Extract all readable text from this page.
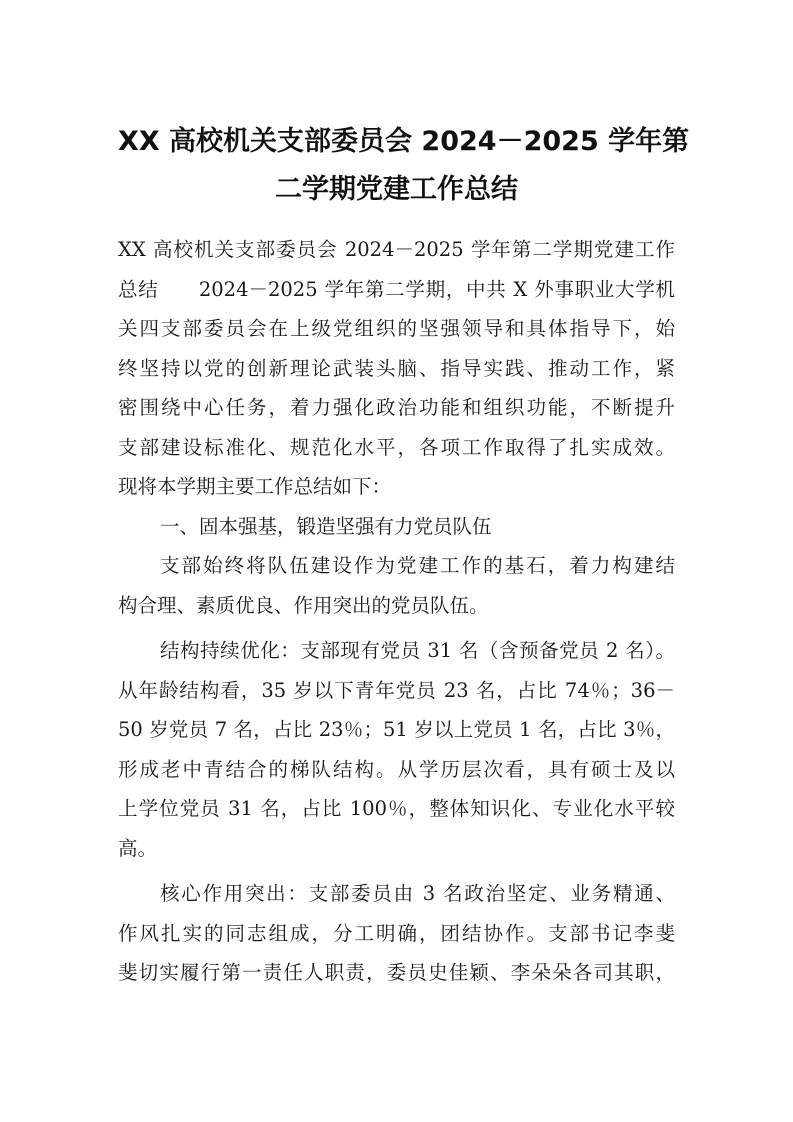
XX 高校机关支部委员会 2024－2025 学年第
二学期党建工作总结
XX 高校机关支部委员会 2024－2025 学年第二学期党建工作
总结　　2024－2025 学年第二学期，中共 X 外事职业大学机
关四支部委员会在上级党组织的坚强领导和具体指导下，始
终坚持以党的创新理论武装头脑、指导实践、推动工作，紧
密围绕中心任务，着力强化政治功能和组织功能，不断提升
支部建设标准化、规范化水平，各项工作取得了扎实成效。
现将本学期主要工作总结如下：
一、固本强基，锻造坚强有力党员队伍
支部始终将队伍建设作为党建工作的基石，着力构建结
构合理、素质优良、作用突出的党员队伍。
结构持续优化：支部现有党员 31 名（含预备党员 2 名）。
从年龄结构看，35 岁以下青年党员 23 名，占比 74％；36－
50 岁党员 7 名，占比 23％；51 岁以上党员 1 名，占比 3％，
形成老中青结合的梯队结构。从学历层次看，具有硕士及以
上学位党员 31 名，占比 100％，整体知识化、专业化水平较
高。
核心作用突出：支部委员由 3 名政治坚定、业务精通、
作风扎实的同志组成，分工明确，团结协作。支部书记李斐
斐切实履行第一责任人职责，委员史佳颖、李朵朵各司其职，
